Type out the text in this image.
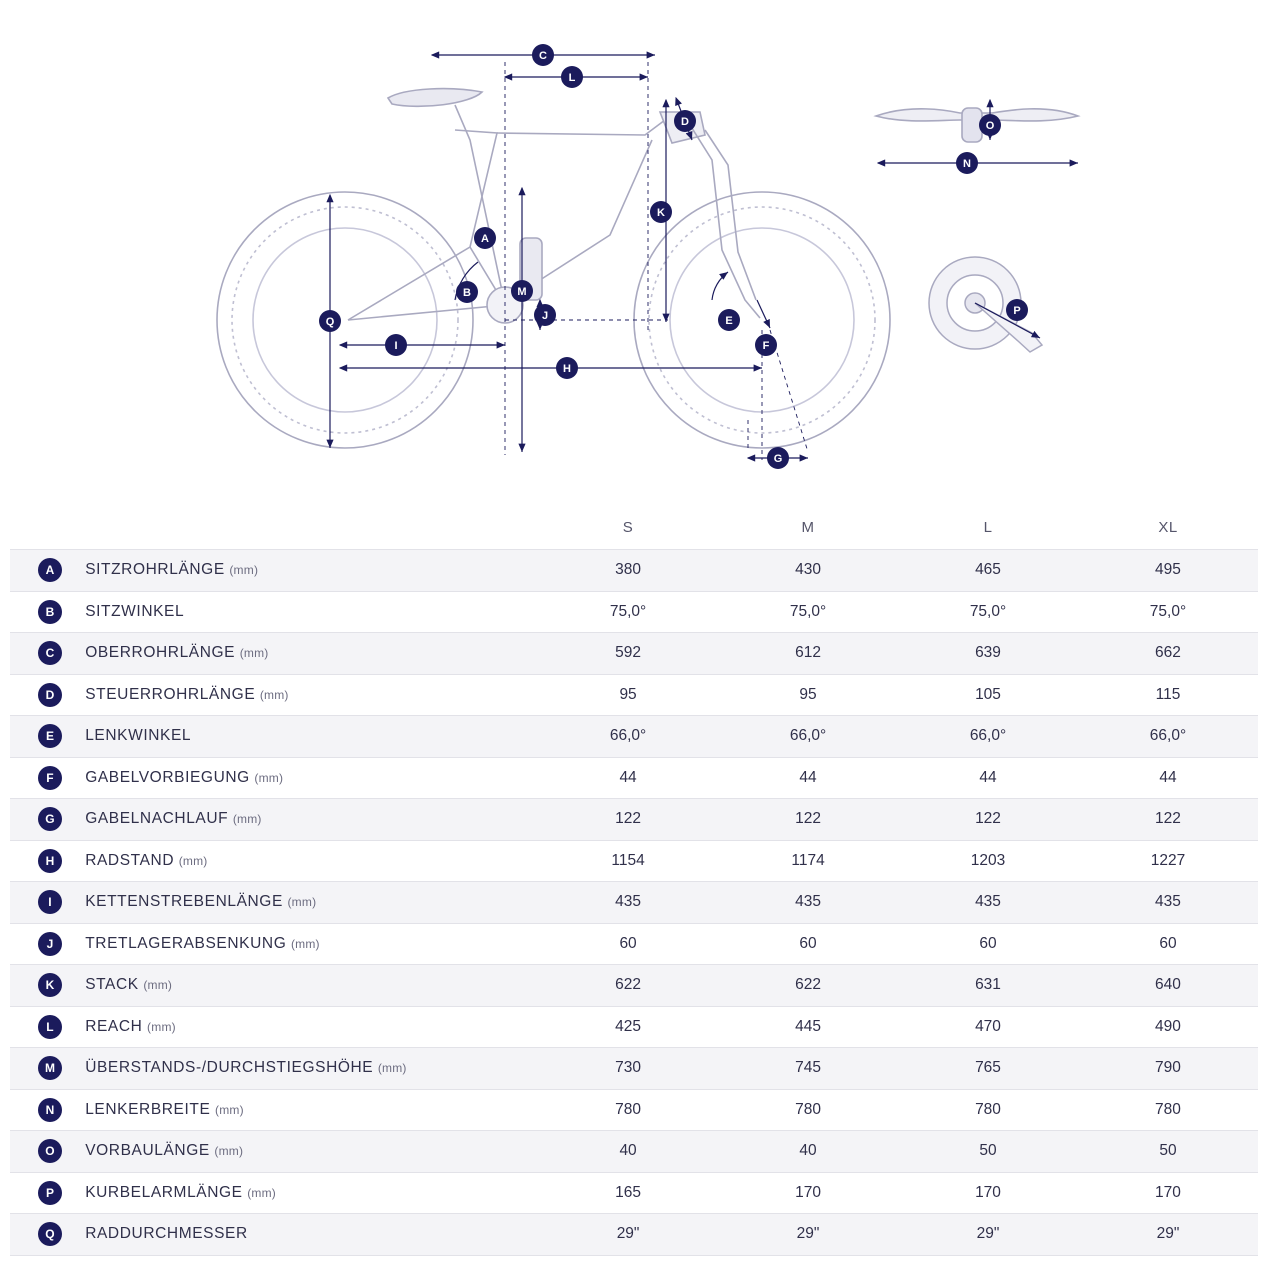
C
L
D
K
A
B	M
J
Q
I
H
E
F
G
O
N
P
		S	M	L	XL
A	SITZROHRLÄNGE (mm)	380	430	465	495
B	SITZWINKEL	75,0°	75,0°	75,0°	75,0°
C	OBERROHRLÄNGE (mm)	592	612	639	662
D	STEUERROHRLÄNGE (mm)	95	95	105	115
E	LENKWINKEL	66,0°	66,0°	66,0°	66,0°
F	GABELVORBIEGUNG (mm)	44	44	44	44
G	GABELNACHLAUF (mm)	122	122	122	122
H	RADSTAND (mm)	1154	1174	1203	1227
I	KETTENSTREBENLÄNGE (mm)	435	435	435	435
J	TRETLAGERABSENKUNG (mm)	60	60	60	60
K	STACK (mm)	622	622	631	640
L	REACH (mm)	425	445	470	490
M	ÜBERSTANDS-/DURCHSTIEGSHÖHE (mm)	730	745	765	790
N	LENKERBREITE (mm)	780	780	780	780
O	VORBAULÄNGE (mm)	40	40	50	50
P	KURBELARMLÄNGE (mm)	165	170	170	170
Q	RADDURCHMESSER	29"	29"	29"	29"
